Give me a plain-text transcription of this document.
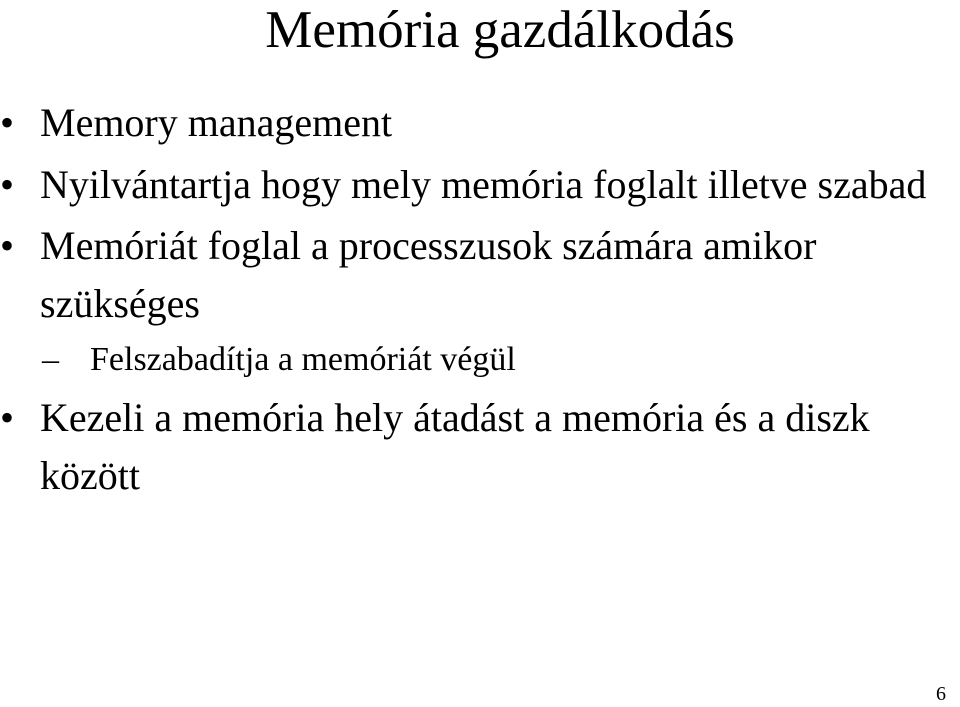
Memória gazdálkodás
• Memory management
• Nyilvántartja hogy mely memória foglalt illetve szabad
• Memóriát foglal a processzusok számára amikor szükséges
– Felszabadítja a memóriát végül
• Kezeli a memória hely átadást a memória és a diszk között
6
